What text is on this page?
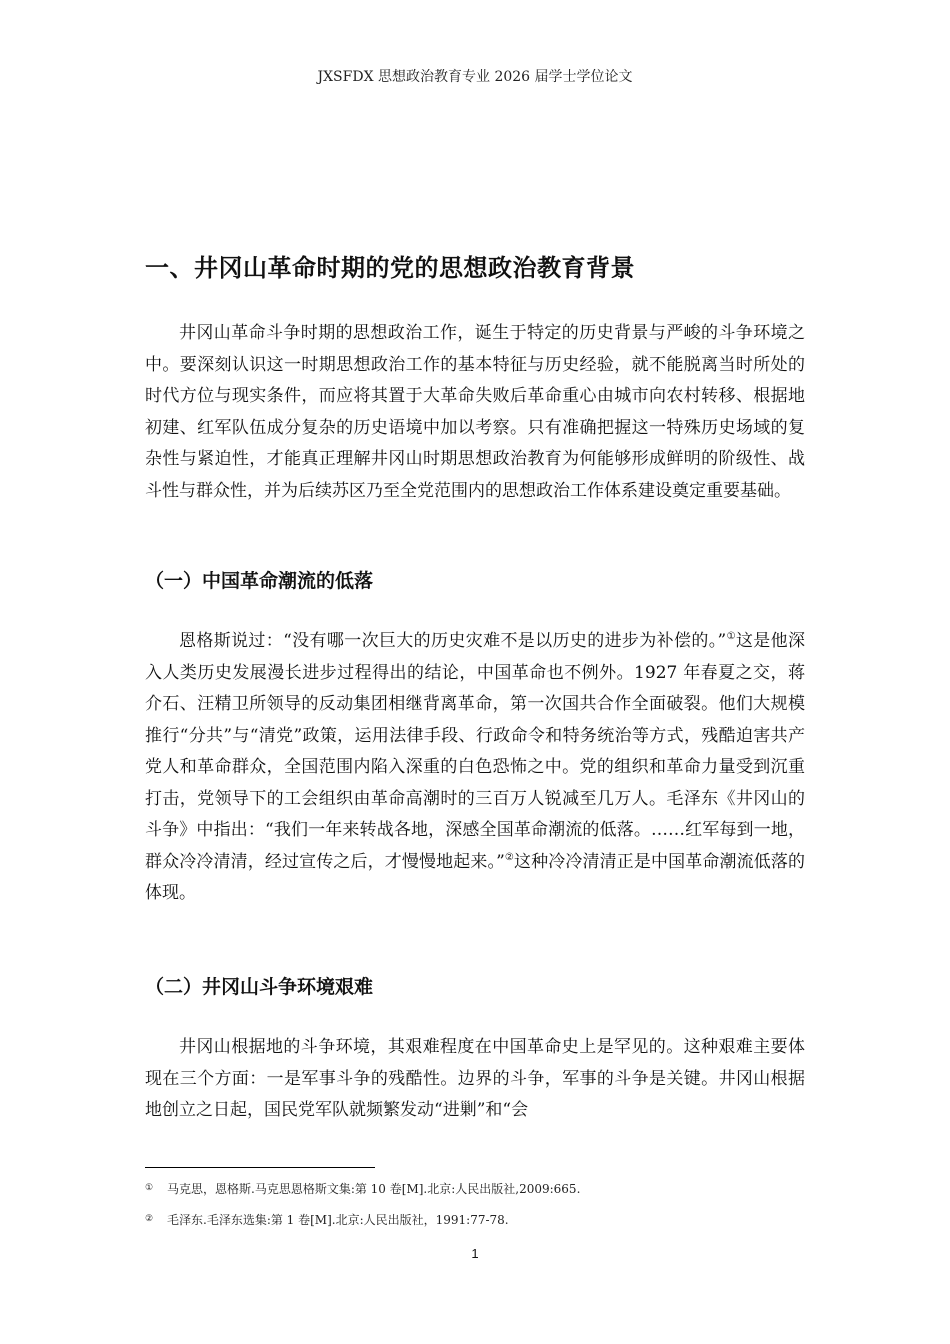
JXSFDX 思想政治教育专业 2026 届学士学位论文
一、井冈山革命时期的党的思想政治教育背景

井冈山革命斗争时期的思想政治工作，诞生于特定的历史背景与严峻的斗争环境之中。要深刻认识这一时期思想政治工作的基本特征与历史经验，就不能脱离当时所处的时代方位与现实条件，而应将其置于大革命失败后革命重心由城市向农村转移、根据地初建、红军队伍成分复杂的历史语境中加以考察。只有准确把握这一特殊历史场域的复杂性与紧迫性，才能真正理解井冈山时期思想政治教育为何能够形成鲜明的阶级性、战斗性与群众性，并为后续苏区乃至全党范围内的思想政治工作体系建设奠定重要基础。

（一）中国革命潮流的低落

恩格斯说过：“没有哪一次巨大的历史灾难不是以历史的进步为补偿的。”①这是他深入人类历史发展漫长进步过程得出的结论，中国革命也不例外。1927 年春夏之交，蒋介石、汪精卫所领导的反动集团相继背离革命，第一次国共合作全面破裂。他们大规模推行“分共”与“清党”政策，运用法律手段、行政命令和特务统治等方式，残酷迫害共产党人和革命群众，全国范围内陷入深重的白色恐怖之中。党的组织和革命力量受到沉重打击，党领导下的工会组织由革命高潮时的三百万人锐减至几万人。毛泽东《井冈山的斗争》中指出：“我们一年来转战各地，深感全国革命潮流的低落。……红军每到一地，群众冷冷清清，经过宣传之后，才慢慢地起来。”②这种冷冷清清正是中国革命潮流低落的体现。

（二）井冈山斗争环境艰难

井冈山根据地的斗争环境，其艰难程度在中国革命史上是罕见的。这种艰难主要体现在三个方面：一是军事斗争的残酷性。边界的斗争，军事的斗争是关键。井冈山根据地创立之日起，国民党军队就频繁发动“进剿”和“会

① 马克思，恩格斯.马克思恩格斯文集:第 10 卷[M].北京:人民出版社,2009:665.
② 毛泽东.毛泽东选集:第 1 卷[M].北京:人民出版社，1991:77-78.
1
